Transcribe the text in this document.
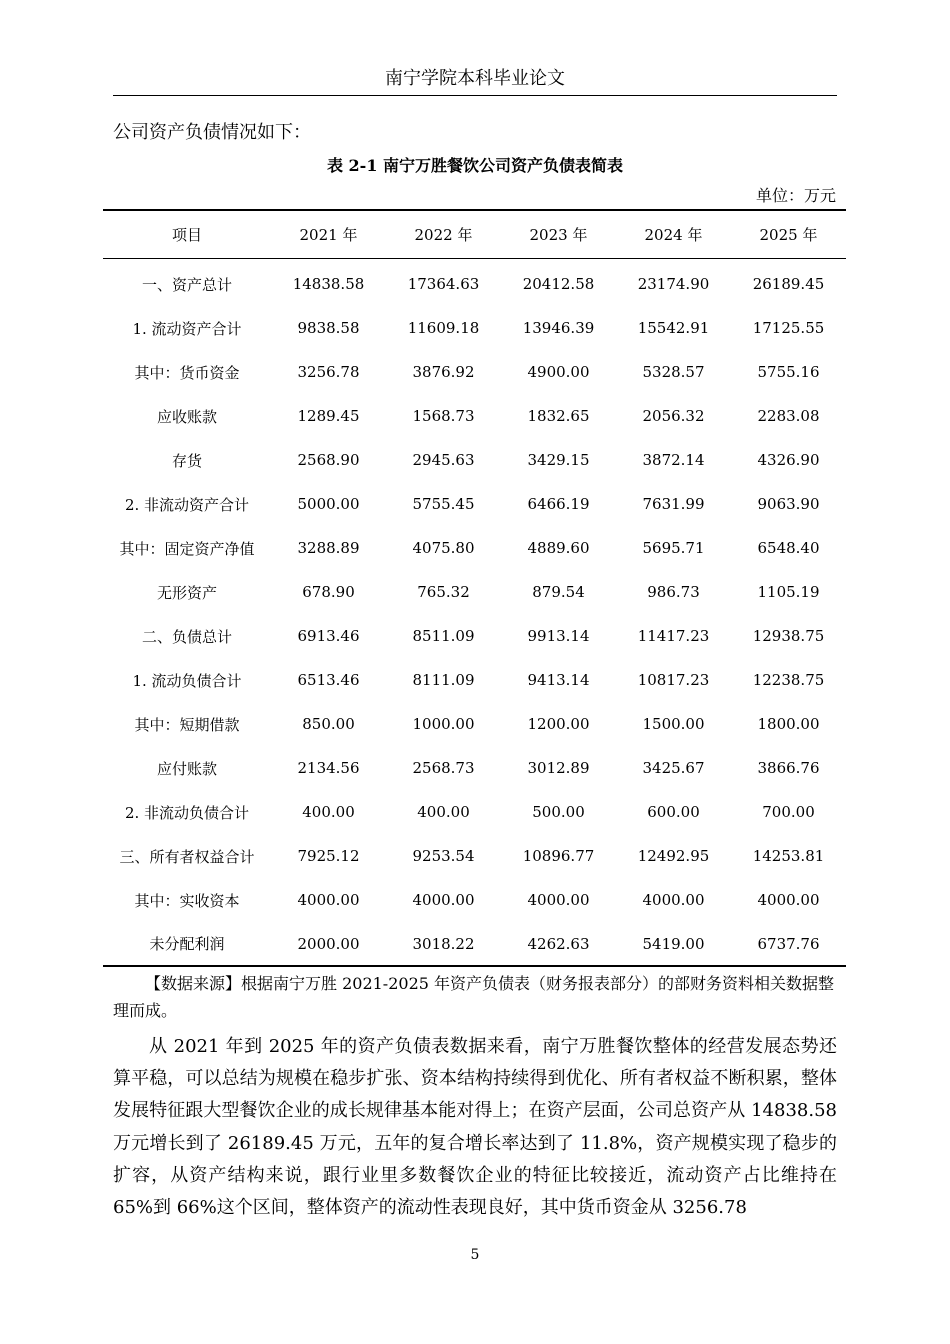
南宁学院本科毕业论文
公司资产负债情况如下：
表 2-1 南宁万胜餐饮公司资产负债表简表
单位：万元
项目	2021 年	2022 年	2023 年	2024 年	2025 年
一、资产总计	14838.58	17364.63	20412.58	23174.90	26189.45
1. 流动资产合计	9838.58	11609.18	13946.39	15542.91	17125.55
其中：货币资金	3256.78	3876.92	4900.00	5328.57	5755.16
应收账款	1289.45	1568.73	1832.65	2056.32	2283.08
存货	2568.90	2945.63	3429.15	3872.14	4326.90
2. 非流动资产合计	5000.00	5755.45	6466.19	7631.99	9063.90
其中：固定资产净值	3288.89	4075.80	4889.60	5695.71	6548.40
无形资产	678.90	765.32	879.54	986.73	1105.19
二、负债总计	6913.46	8511.09	9913.14	11417.23	12938.75
1. 流动负债合计	6513.46	8111.09	9413.14	10817.23	12238.75
其中：短期借款	850.00	1000.00	1200.00	1500.00	1800.00
应付账款	2134.56	2568.73	3012.89	3425.67	3866.76
2. 非流动负债合计	400.00	400.00	500.00	600.00	700.00
三、所有者权益合计	7925.12	9253.54	10896.77	12492.95	14253.81
其中：实收资本	4000.00	4000.00	4000.00	4000.00	4000.00
未分配利润	2000.00	3018.22	4262.63	5419.00	6737.76
【数据来源】根据南宁万胜 2021-2025 年资产负债表（财务报表部分）的部财务资料相关数据整理而成。
从 2021 年到 2025 年的资产负债表数据来看，南宁万胜餐饮整体的经营发展态势还算平稳，可以总结为规模在稳步扩张、资本结构持续得到优化、所有者权益不断积累，整体发展特征跟大型餐饮企业的成长规律基本能对得上；在资产层面，公司总资产从 14838.58 万元增长到了 26189.45 万元，五年的复合增长率达到了 11.8%，资产规模实现了稳步的扩容，从资产结构来说，跟行业里多数餐饮企业的特征比较接近，流动资产占比维持在 65%到 66%这个区间，整体资产的流动性表现良好，其中货币资金从 3256.78
5
